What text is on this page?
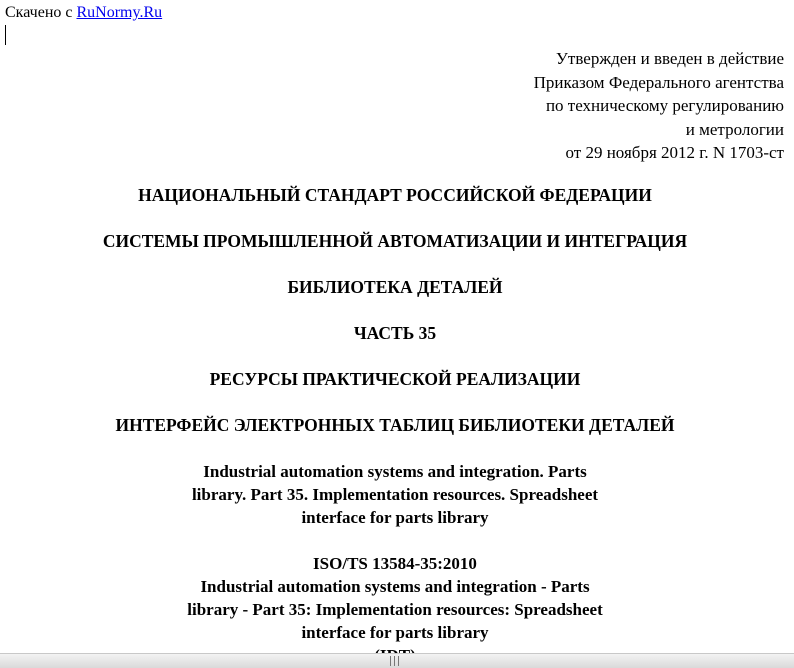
Скачено с RuNormy.Ru
Утвержден и введен в действие
Приказом Федерального агентства
по техническому регулированию
и метрологии
от 29 ноября 2012 г. N 1703-ст
НАЦИОНАЛЬНЫЙ СТАНДАРТ РОССИЙСКОЙ ФЕДЕРАЦИИ
СИСТЕМЫ ПРОМЫШЛЕННОЙ АВТОМАТИЗАЦИИ И ИНТЕГРАЦИЯ
БИБЛИОТЕКА ДЕТАЛЕЙ
ЧАСТЬ 35
РЕСУРСЫ ПРАКТИЧЕСКОЙ РЕАЛИЗАЦИИ
ИНТЕРФЕЙС ЭЛЕКТРОННЫХ ТАБЛИЦ БИБЛИОТЕКИ ДЕТАЛЕЙ
Industrial automation systems and integration. Parts
library. Part 35. Implementation resources. Spreadsheet
interface for parts library
ISO/TS 13584-35:2010
Industrial automation systems and integration - Parts
library - Part 35: Implementation resources: Spreadsheet
interface for parts library
